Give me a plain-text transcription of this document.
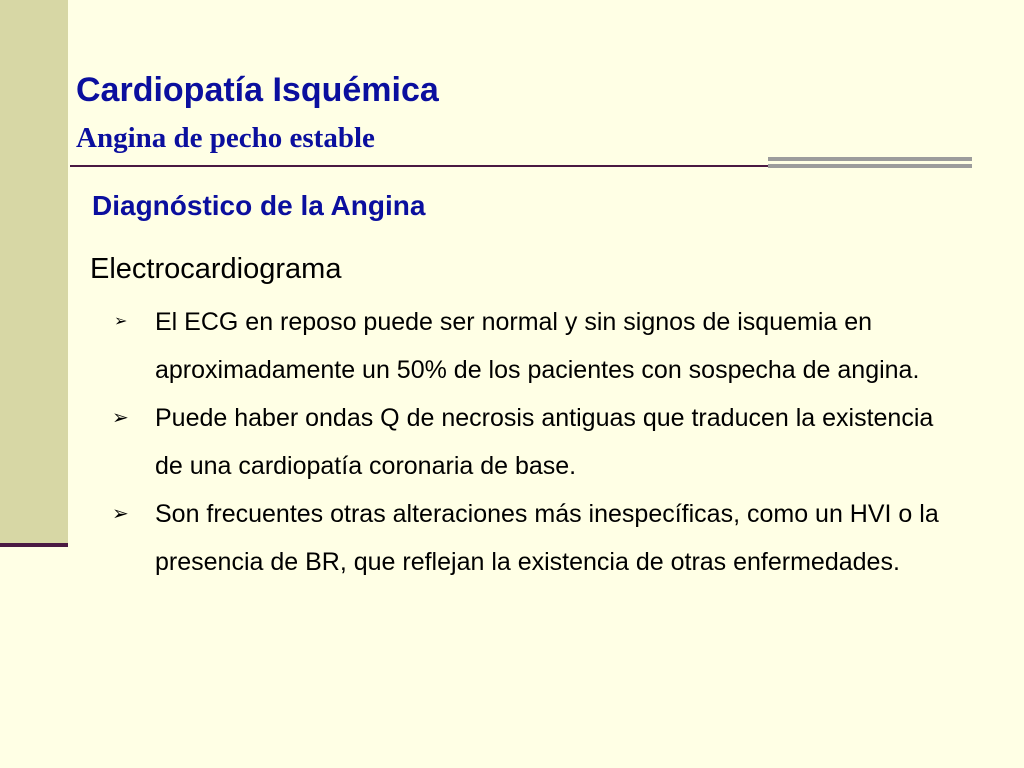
Cardiopatía Isquémica
Angina de pecho estable
Diagnóstico de la Angina

Electrocardiograma

➢ El ECG en reposo puede ser normal y sin signos de isquemia en aproximadamente un 50% de los pacientes con sospecha de angina.
➢ Puede haber ondas Q de necrosis antiguas que traducen la existencia de una cardiopatía coronaria de base.
➢ Son frecuentes otras alteraciones más inespecíficas, como un HVI o la presencia de BR, que reflejan la existencia de otras enfermedades.
